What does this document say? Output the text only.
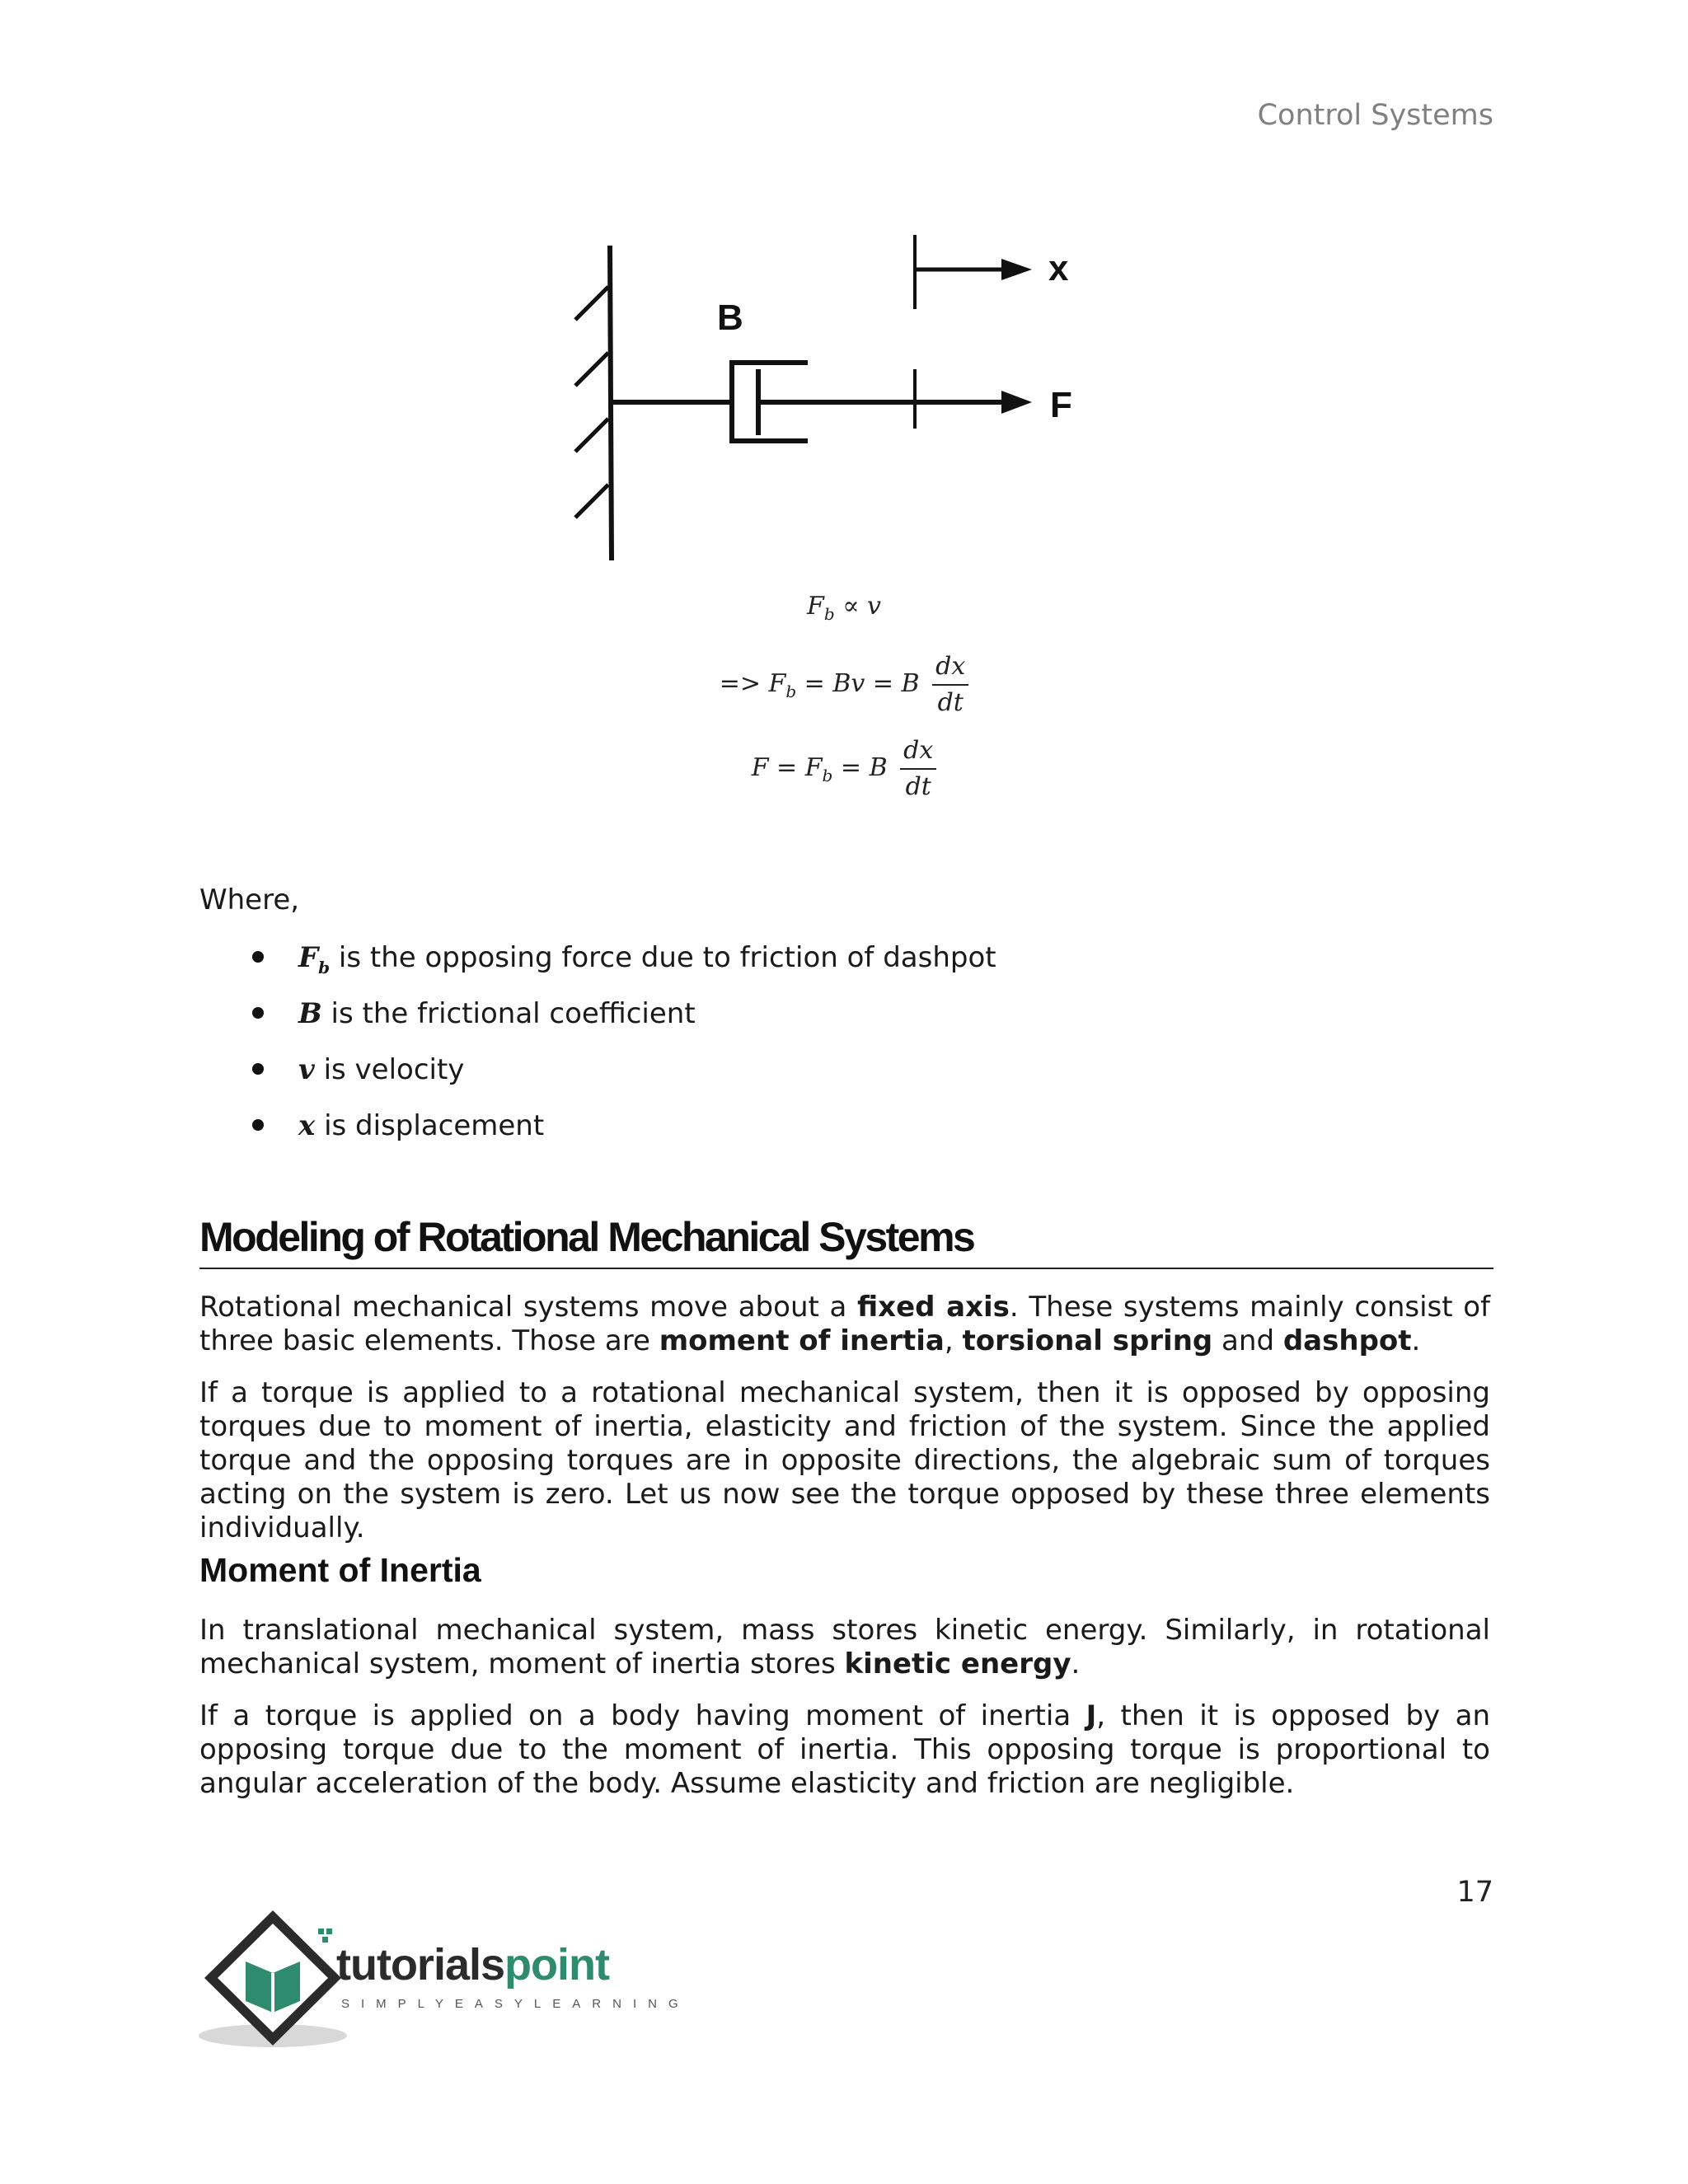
Control Systems
B
x
F
$F_b \propto v$
=> $F_b = Bv = B \frac{dx}{dt}$
$F = F_b = B \frac{dx}{dt}$
Where,
$F_b$ is the opposing force due to friction of dashpot
B is the frictional coefficient
v is velocity
x is displacement
Modeling of Rotational Mechanical Systems

Rotational mechanical systems move about a fixed axis. These systems mainly consist of three basic elements. Those are moment of inertia, torsional spring and dashpot.

If a torque is applied to a rotational mechanical system, then it is opposed by opposing torques due to moment of inertia, elasticity and friction of the system. Since the applied torque and the opposing torques are in opposite directions, the algebraic sum of torques acting on the system is zero. Let us now see the torque opposed by these three elements individually.

Moment of Inertia

In translational mechanical system, mass stores kinetic energy. Similarly, in rotational mechanical system, moment of inertia stores kinetic energy.

If a torque is applied on a body having moment of inertia J, then it is opposed by an opposing torque due to the moment of inertia. This opposing torque is proportional to angular acceleration of the body. Assume elasticity and friction are negligible.

17
tutorialspoint
SIMPLYEASYLEARNING
